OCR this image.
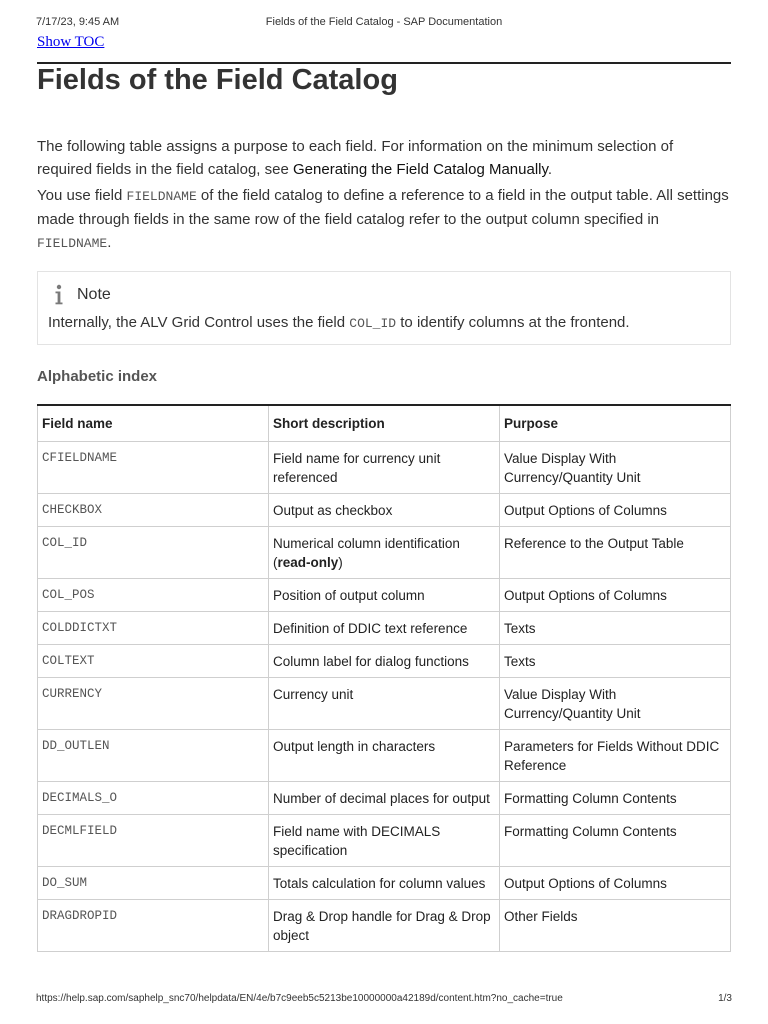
7/17/23, 9:45 AM	Fields of the Field Catalog - SAP Documentation
Show TOC
Fields of the Field Catalog

The following table assigns a purpose to each field. For information on the minimum selection of required fields in the field catalog, see Generating the Field Catalog Manually.

You use field FIELDNAME of the field catalog to define a reference to a field in the output table. All settings made through fields in the same row of the field catalog refer to the output column specified in FIELDNAME.

Note
Internally, the ALV Grid Control uses the field COL_ID to identify columns at the frontend.
Alphabetic index
Field name	Short description	Purpose
CFIELDNAME	Field name for currency unit referenced	Value Display With Currency/Quantity Unit
CHECKBOX	Output as checkbox	Output Options of Columns
COL_ID	Numerical column identification (read-only)	Reference to the Output Table
COL_POS	Position of output column	Output Options of Columns
COLDDICTXT	Definition of DDIC text reference	Texts
COLTEXT	Column label for dialog functions	Texts
CURRENCY	Currency unit	Value Display With Currency/Quantity Unit
DD_OUTLEN	Output length in characters	Parameters for Fields Without DDIC Reference
DECIMALS_O	Number of decimal places for output	Formatting Column Contents
DECMLFIELD	Field name with DECIMALS specification	Formatting Column Contents
DO_SUM	Totals calculation for column values	Output Options of Columns
DRAGDROPID	Drag & Drop handle for Drag & Drop object	Other Fields
https://help.sap.com/saphelp_snc70/helpdata/EN/4e/b7c9eeb5c5213be10000000a42189d/content.htm?no_cache=true	1/3
